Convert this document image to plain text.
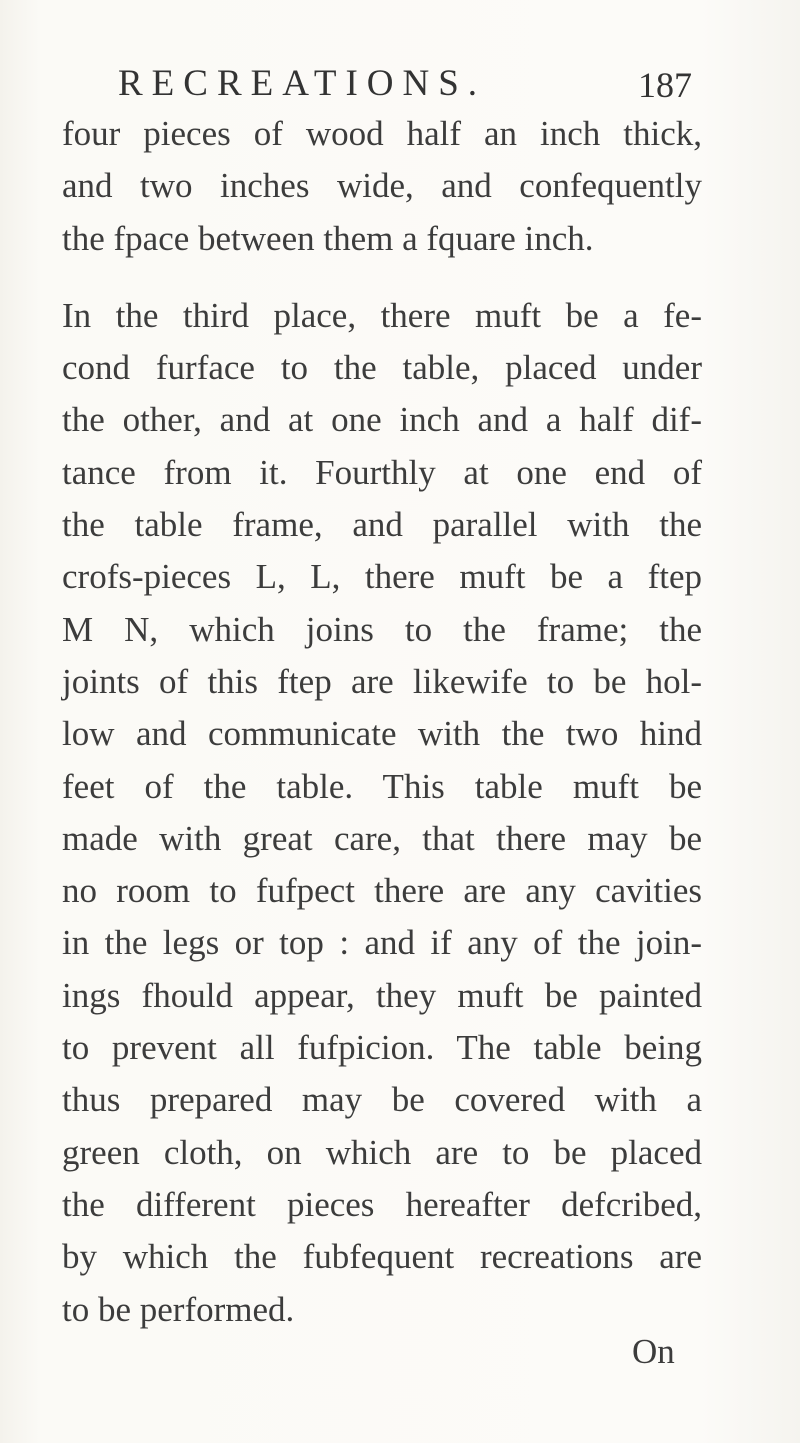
RECREATIONS.	187
four pieces of wood half an inch thick,
and two inches wide, and confequently
the fpace between them a fquare inch.
In the third place, there muft be a fe-
cond furface to the table, placed under
the other, and at one inch and a half dif-
tance from it. Fourthly at one end of
the table frame, and parallel with the
crofs-pieces L, L, there muft be a ftep
M N, which joins to the frame; the
joints of this ftep are likewife to be hol-
low and communicate with the two hind
feet of the table. This table muft be
made with great care, that there may be
no room to fufpect there are any cavities
in the legs or top : and if any of the join-
ings fhould appear, they muft be painted
to prevent all fufpicion. The table being
thus prepared may be covered with a
green cloth, on which are to be placed
the different pieces hereafter defcribed,
by which the fubfequent recreations are
to be performed.
On
